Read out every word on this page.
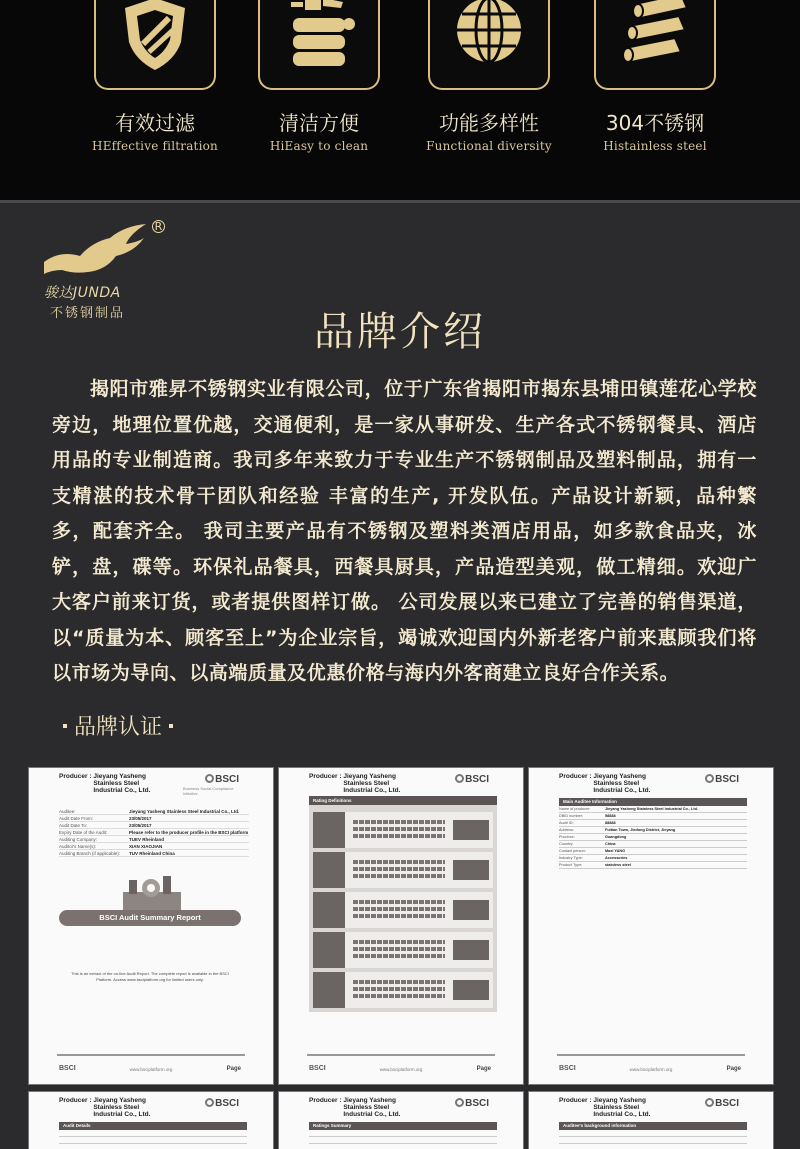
有效过滤
HEffective filtration
清洁方便
HiEasy to clean
功能多样性
Functional diversity
304不锈钢
Histainless steel
R
骏达JUNDA
不锈钢制品	品牌介绍
揭阳市雅昇不锈钢实业有限公司，位于广东省揭阳市揭东县埔田镇莲花心学校旁边，地理位置优越，交通便利，是一家从事研发、生产各式不锈钢餐具、酒店用品的专业制造商。我司多年来致力于专业生产不锈钢制品及塑料制品，拥有一支精湛的技术骨干团队和经验 丰富的生产, 开发队伍。产品设计新颖，品种繁多，配套齐全。 我司主要产品有不锈钢及塑料类酒店用品，如多款食品夹，冰铲，盘，碟等。环保礼品餐具，西餐具厨具，产品造型美观，做工精细。欢迎广大客户前来订货，或者提供图样订做。 公司发展以来已建立了完善的销售渠道，以“质量为本、顾客至上”为企业宗旨，竭诚欢迎国内外新老客户前来惠顾我们将以市场为导向、以高端质量及优惠价格与海内外客商建立良好合作关系。
品牌认证
Producer : Jieyang Yasheng Stainless Steel Industrial Co., Ltd.
BSCI
Business Social Compliance Initiative
Auditee:	Jieyang Yasheng Stainless Steel Industrial Co., Ltd.
Audit Date From:	23/05/2017
Audit Date To:	23/05/2017
Expiry Date of the Audit:	Please refer to the producer profile in the BSCI platform
Auditing Company:	TUEV Rheinland
Auditor's Name(s):	XIAN XIAOJIAN
Auditing Branch (if applicable):	TUV Rheinland China
BSCI Audit Summary Report
This is an extract of the on-line Audit Report. The complete report is available in the BSCI Platform. Access www.bsciplatform.org for limited users only.
BSCI	www.bsciplatform.org	Page
Producer : Jieyang Yasheng Stainless Steel Industrial Co., Ltd.
BSCI
Rating Definitions
BSCI	www.bsciplatform.org	Page
Producer : Jieyang Yasheng Stainless Steel Industrial Co., Ltd.
BSCI
Main Auditee Information
Name of producer:	Jieyang Yasheng Stainless Steel Industrial Co., Ltd.
DBID number:	58888
Audit ID:	88888
Address:	Fuitian Town, Jiedong District, Jieyang
Province:	Guangdong
Country:	China
Contact person:	Maxi YANG
Industry Type:	Accessories
Product Type:	stainless steel
BSCI	www.bsciplatform.org	Page
Producer : Jieyang Yasheng Stainless Steel Industrial Co., Ltd.
BSCI
Audit Details
Producer : Jieyang Yasheng Stainless Steel Industrial Co., Ltd.
BSCI
Ratings Summary
Producer : Jieyang Yasheng Stainless Steel Industrial Co., Ltd.
BSCI
Auditee's background information
